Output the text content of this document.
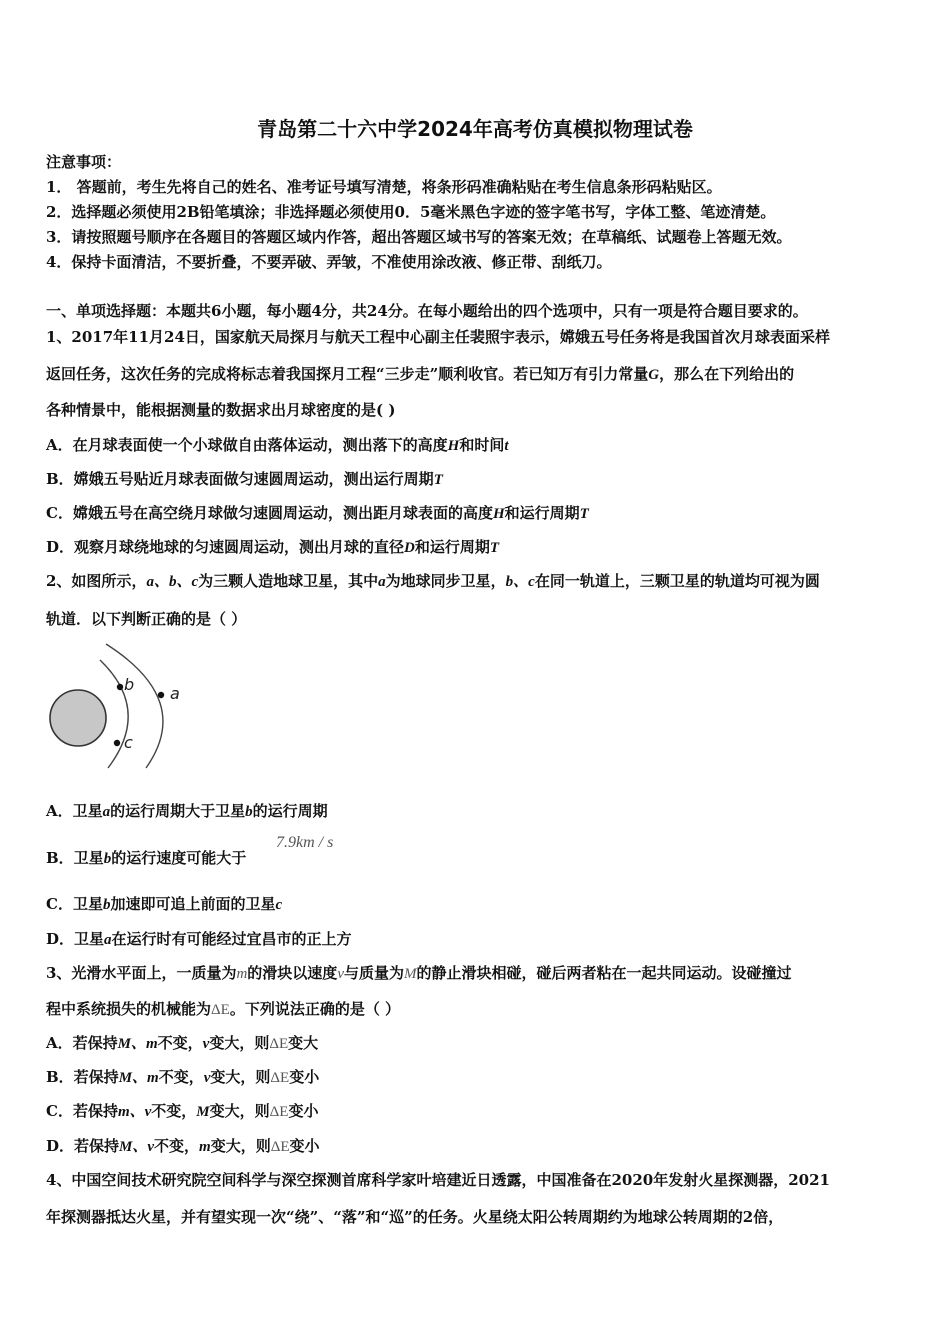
青岛第二十六中学2024年高考仿真模拟物理试卷
注意事项：
1． 答题前，考生先将自己的姓名、准考证号填写清楚，将条形码准确粘贴在考生信息条形码粘贴区。
2．选择题必须使用2B铅笔填涂；非选择题必须使用0．5毫米黑色字迹的签字笔书写，字体工整、笔迹清楚。
3．请按照题号顺序在各题目的答题区域内作答，超出答题区域书写的答案无效；在草稿纸、试题卷上答题无效。
4．保持卡面清洁，不要折叠，不要弄破、弄皱，不准使用涂改液、修正带、刮纸刀。
一、单项选择题：本题共6小题，每小题4分，共24分。在每小题给出的四个选项中，只有一项是符合题目要求的。
1、2017年11月24日，国家航天局探月与航天工程中心副主任裴照宇表示，嫦娥五号任务将是我国首次月球表面采样
返回任务，这次任务的完成将标志着我国探月工程“三步走”顺利收官。若已知万有引力常量G，那么在下列给出的
各种情景中，能根据测量的数据求出月球密度的是( )
A．在月球表面使一个小球做自由落体运动，测出落下的高度H和时间t
B．嫦娥五号贴近月球表面做匀速圆周运动，测出运行周期T
C．嫦娥五号在高空绕月球做匀速圆周运动，测出距月球表面的高度H和运行周期T
D．观察月球绕地球的匀速圆周运动，测出月球的直径D和运行周期T
2、如图所示，a、b、c为三颗人造地球卫星，其中a为地球同步卫星，b、c在同一轨道上，三颗卫星的轨道均可视为圆
轨道．以下判断正确的是（ ）
b
c
a
A．卫星a的运行周期大于卫星b的运行周期
B．卫星b的运行速度可能大于
7.9km / s
C．卫星b加速即可追上前面的卫星c
D．卫星a在运行时有可能经过宜昌市的正上方
3、光滑水平面上，一质量为m的滑块以速度v与质量为M的静止滑块相碰，碰后两者粘在一起共同运动。设碰撞过
程中系统损失的机械能为ΔE。下列说法正确的是（ ）
A．若保持M、m不变，v变大，则ΔE变大
B．若保持M、m不变，v变大，则ΔE变小
C．若保持m、v不变，M变大，则ΔE变小
D．若保持M、v不变，m变大，则ΔE变小
4、中国空间技术研究院空间科学与深空探测首席科学家叶培建近日透露，中国准备在2020年发射火星探测器，2021
年探测器抵达火星，并有望实现一次“绕”、“落”和“巡”的任务。火星绕太阳公转周期约为地球公转周期的2倍，
